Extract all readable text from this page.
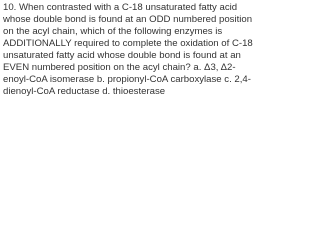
10. When contrasted with a C-18 unsaturated fatty acid whose double bond is found at an ODD numbered position on the acyl chain, which of the following enzymes is ADDITIONALLY required to complete the oxidation of C-18 unsaturated fatty acid whose double bond is found at an EVEN numbered position on the acyl chain? a. Δ3, Δ2-enoyl-CoA isomerase b. propionyl-CoA carboxylase c. 2,4-dienoyl-CoA reductase d. thioesterase
